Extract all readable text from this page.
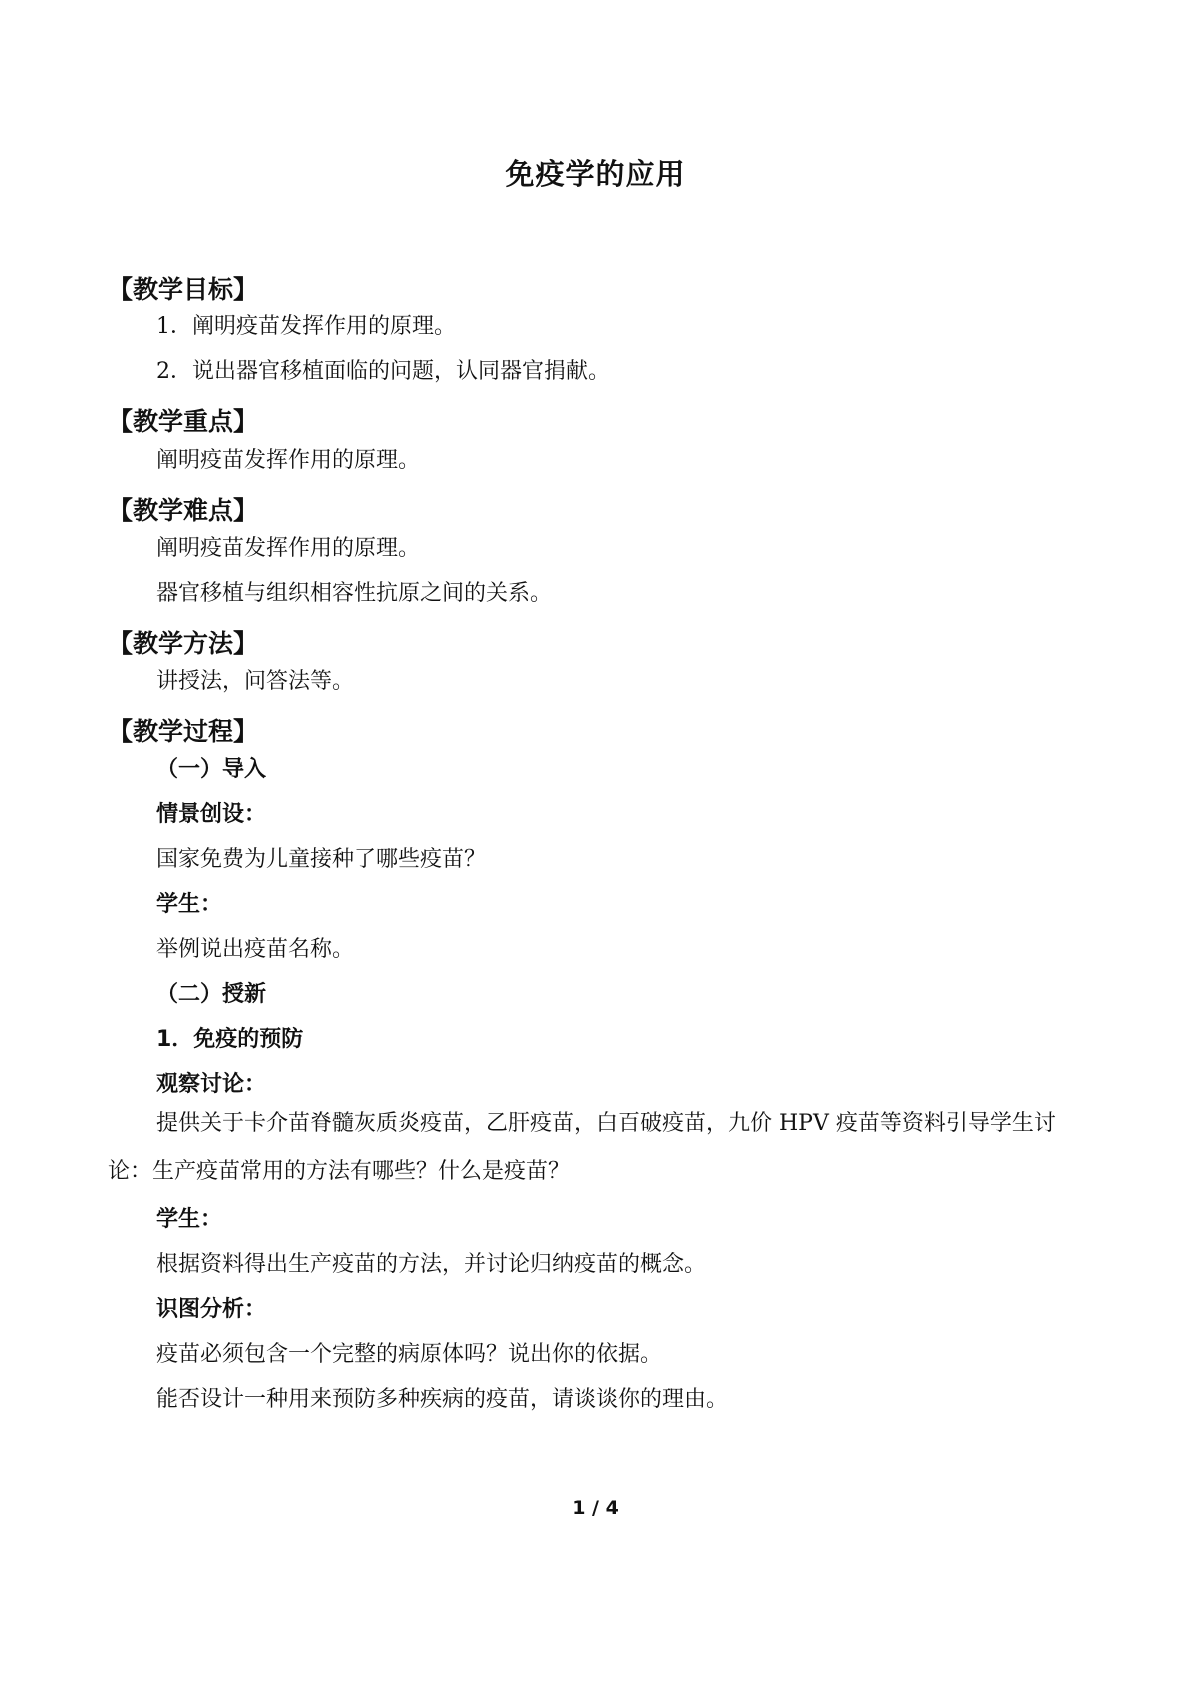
免疫学的应用
【教学目标】
1．阐明疫苗发挥作用的原理。
2．说出器官移植面临的问题，认同器官捐献。
【教学重点】
阐明疫苗发挥作用的原理。
【教学难点】
阐明疫苗发挥作用的原理。
器官移植与组织相容性抗原之间的关系。
【教学方法】
讲授法，问答法等。
【教学过程】
（一）导入
情景创设：
国家免费为儿童接种了哪些疫苗？
学生：
举例说出疫苗名称。
（二）授新
1．免疫的预防
观察讨论：
提供关于卡介苗脊髓灰质炎疫苗，乙肝疫苗，白百破疫苗，九价 HPV 疫苗等资料引导学生讨论：生产疫苗常用的方法有哪些？什么是疫苗？
学生：
根据资料得出生产疫苗的方法，并讨论归纳疫苗的概念。
识图分析：
疫苗必须包含一个完整的病原体吗？说出你的依据。
能否设计一种用来预防多种疾病的疫苗，请谈谈你的理由。
1 / 4
